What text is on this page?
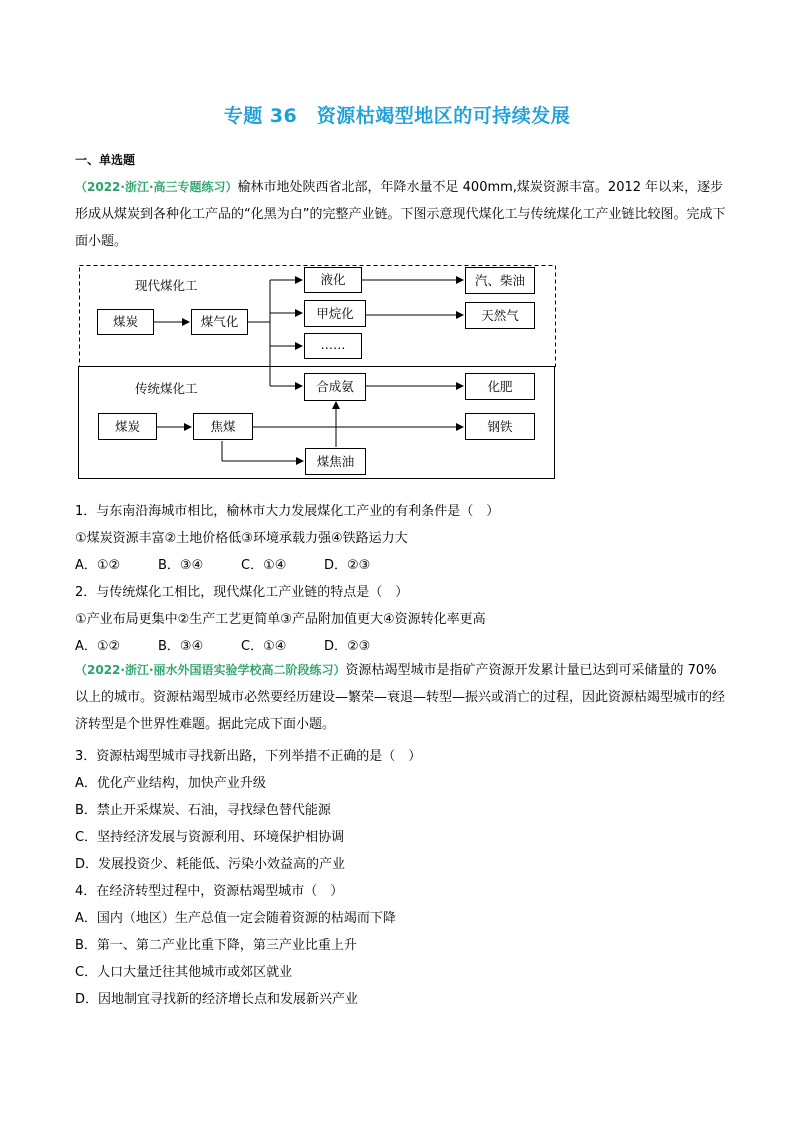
专题 36　资源枯竭型地区的可持续发展
一、单选题
（2022·浙江·高三专题练习）榆林市地处陕西省北部，年降水量不足 400mm,煤炭资源丰富。2012 年以来，逐步形成从煤炭到各种化工产品的“化黑为白”的完整产业链。下图示意现代煤化工与传统煤化工产业链比较图。完成下面小题。
现代煤化工
传统煤化工
煤炭	煤气化
液化
甲烷化
……
合成氨
汽、柴油
天然气
化肥
煤炭	焦煤	钢铁
煤焦油
1．与东南沿海城市相比，榆林市大力发展煤化工产业的有利条件是（　）
①煤炭资源丰富②土地价格低③环境承载力强④铁路运力大
A．①②	B．③④	C．①④	D．②③
2．与传统煤化工相比，现代煤化工产业链的特点是（　）
①产业布局更集中②生产工艺更简单③产品附加值更大④资源转化率更高
A．①②	B．③④	C．①④	D．②③
（2022·浙江·丽水外国语实验学校高二阶段练习）资源枯竭型城市是指矿产资源开发累计量已达到可采储量的 70%以上的城市。资源枯竭型城市必然要经历建设—繁荣—衰退—转型—振兴或消亡的过程，因此资源枯竭型城市的经济转型是个世界性难题。据此完成下面小题。
3．资源枯竭型城市寻找新出路，下列举措不正确的是（　）
A．优化产业结构，加快产业升级
B．禁止开采煤炭、石油，寻找绿色替代能源
C．坚持经济发展与资源利用、环境保护相协调
D．发展投资少、耗能低、污染小效益高的产业
4．在经济转型过程中，资源枯竭型城市（　）
A．国内（地区）生产总值一定会随着资源的枯竭而下降
B．第一、第二产业比重下降，第三产业比重上升
C．人口大量迁往其他城市或郊区就业
D．因地制宜寻找新的经济增长点和发展新兴产业
